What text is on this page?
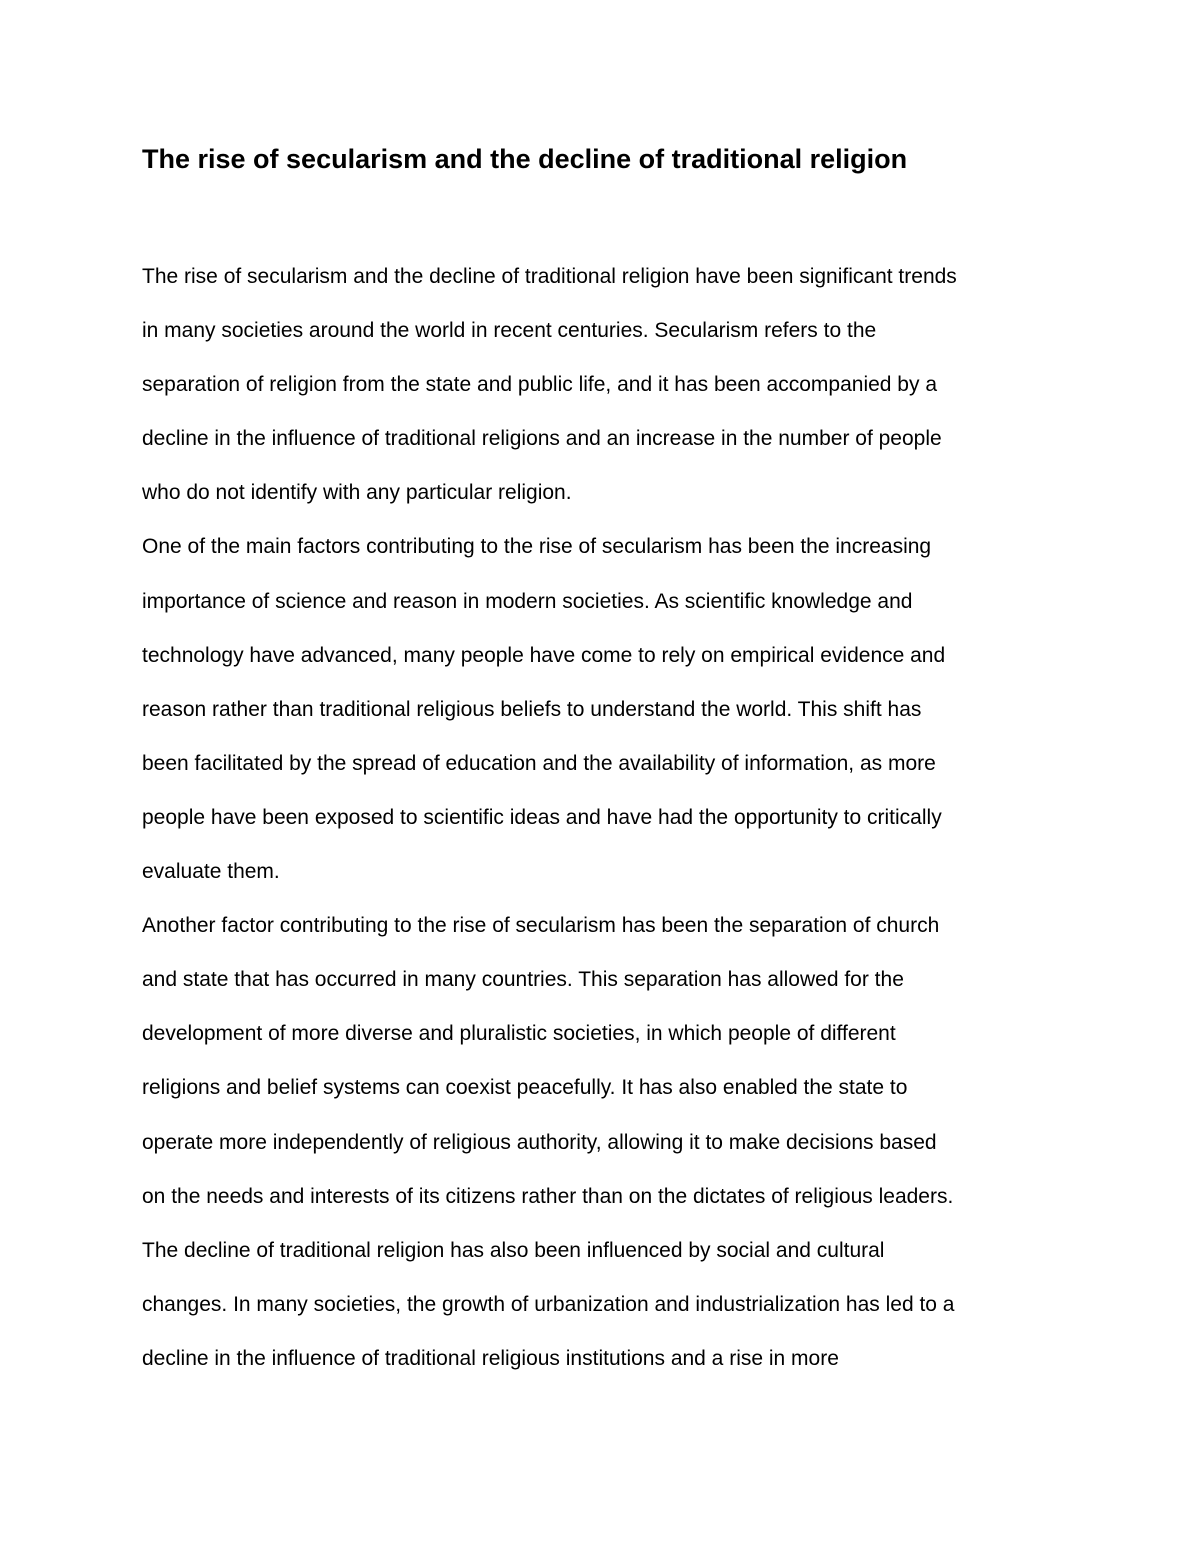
The rise of secularism and the decline of traditional religion
The rise of secularism and the decline of traditional religion have been significant trends
in many societies around the world in recent centuries. Secularism refers to the
separation of religion from the state and public life, and it has been accompanied by a
decline in the influence of traditional religions and an increase in the number of people
who do not identify with any particular religion.
One of the main factors contributing to the rise of secularism has been the increasing
importance of science and reason in modern societies. As scientific knowledge and
technology have advanced, many people have come to rely on empirical evidence and
reason rather than traditional religious beliefs to understand the world. This shift has
been facilitated by the spread of education and the availability of information, as more
people have been exposed to scientific ideas and have had the opportunity to critically
evaluate them.
Another factor contributing to the rise of secularism has been the separation of church
and state that has occurred in many countries. This separation has allowed for the
development of more diverse and pluralistic societies, in which people of different
religions and belief systems can coexist peacefully. It has also enabled the state to
operate more independently of religious authority, allowing it to make decisions based
on the needs and interests of its citizens rather than on the dictates of religious leaders.
The decline of traditional religion has also been influenced by social and cultural
changes. In many societies, the growth of urbanization and industrialization has led to a
decline in the influence of traditional religious institutions and a rise in more
